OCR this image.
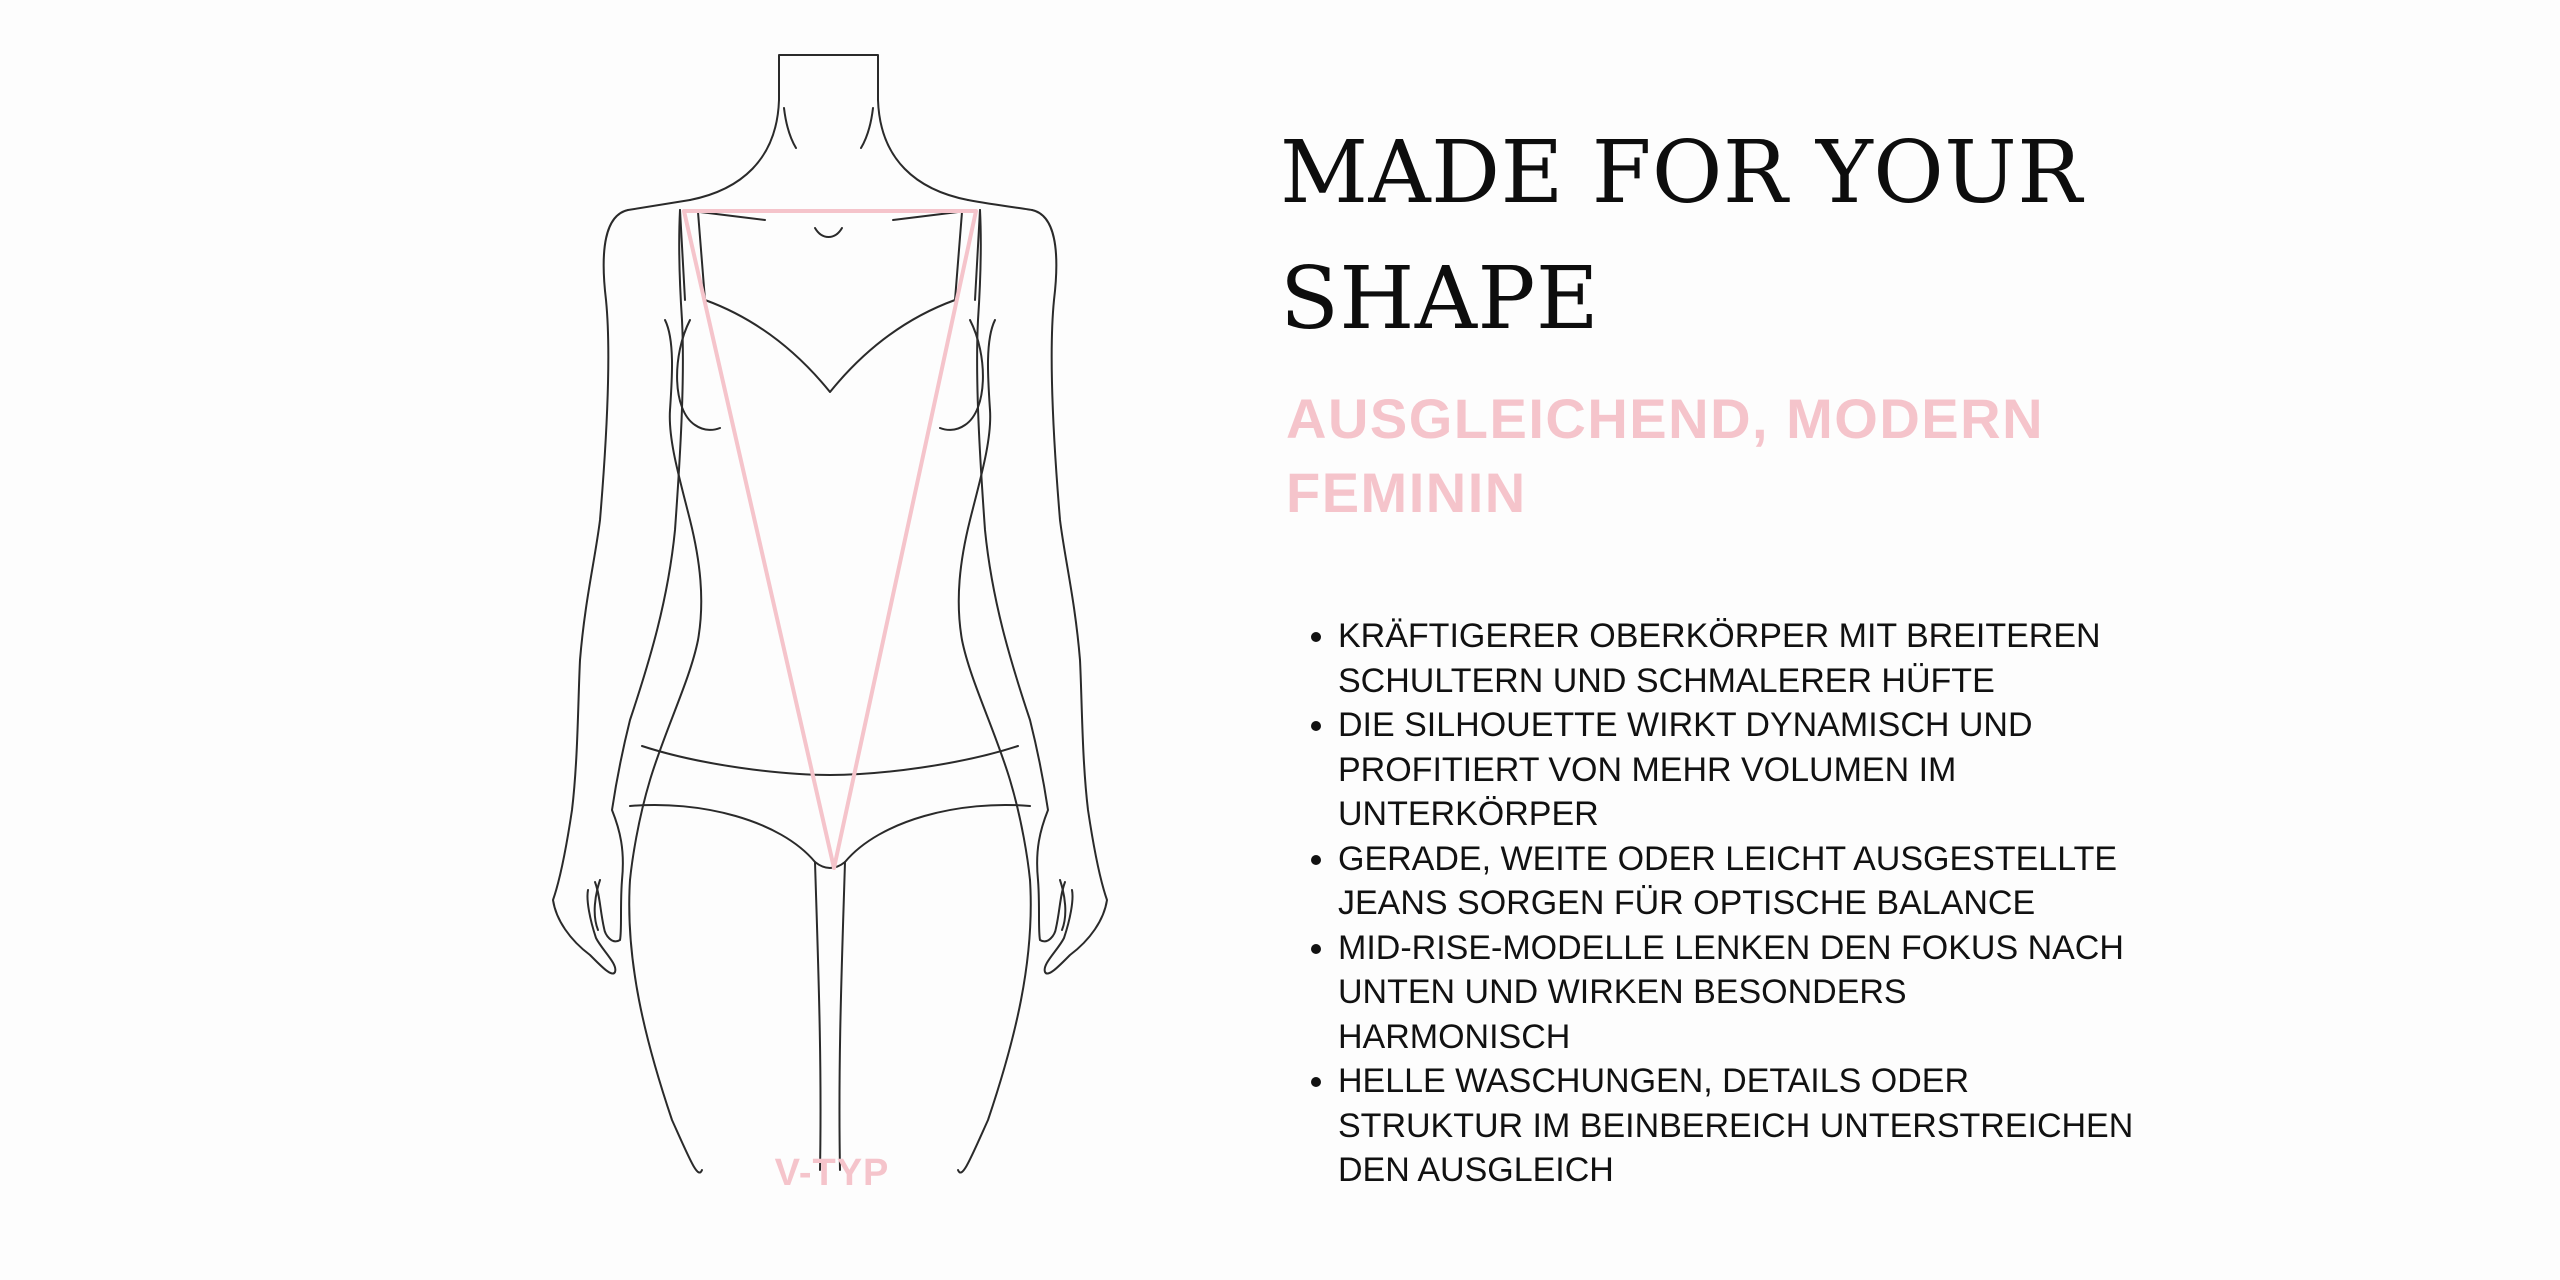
V-TYP
MADE FOR YOUR
SHAPE
AUSGLEICHEND, MODERN
FEMININ
• KRÄFTIGERER OBERKÖRPER MIT BREITEREN SCHULTERN UND SCHMALERER HÜFTE
• DIE SILHOUETTE WIRKT DYNAMISCH UND PROFITIERT VON MEHR VOLUMEN IM UNTERKÖRPER
• GERADE, WEITE ODER LEICHT AUSGESTELLTE JEANS SORGEN FÜR OPTISCHE BALANCE
• MID-RISE-MODELLE LENKEN DEN FOKUS NACH UNTEN UND WIRKEN BESONDERS HARMONISCH
• HELLE WASCHUNGEN, DETAILS ODER STRUKTUR IM BEINBEREICH UNTERSTREICHEN DEN AUSGLEICH
